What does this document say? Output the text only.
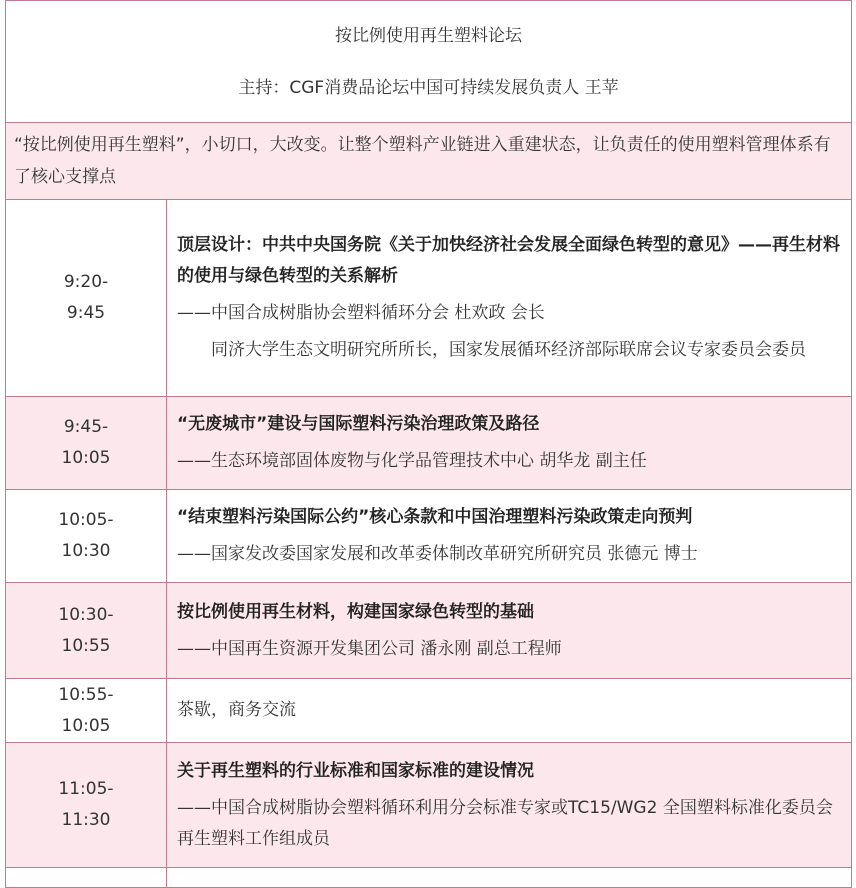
按比例使用再生塑料论坛
主持：CGF消费品论坛中国可持续发展负责人 王苹	

“按比例使用再生塑料”，小切口，大改变。让整个塑料产业链进入重建状态，让负责任的使用塑料管理体系有了核心支撑点	
9:20-
9:45	顶层设计：中共中央国务院《关于加快经济社会发展全面绿色转型的意见》——再生材料的使用与绿色转型的关系解析
——中国合成树脂协会塑料循环分会 杜欢政 会长
同济大学生态文明研究所所长，国家发展循环经济部际联席会议专家委员会委员

9:45-
10:05	“无废城市”建设与国际塑料污染治理政策及路径
——生态环境部固体废物与化学品管理技术中心 胡华龙 副主任

10:05-
10:30	“结束塑料污染国际公约”核心条款和中国治理塑料污染政策走向预判
——国家发改委国家发展和改革委体制改革研究所研究员 张德元 博士

10:30-
10:55	按比例使用再生材料，构建国家绿色转型的基础
——中国再生资源开发集团公司 潘永刚 副总工程师

10:55-
10:05	茶歇，商务交流

11:05-
11:30	关于再生塑料的行业标准和国家标准的建设情况
——中国合成树脂协会塑料循环利用分会标准专家或TC15/WG2 全国塑料标准化委员会再生塑料工作组成员
